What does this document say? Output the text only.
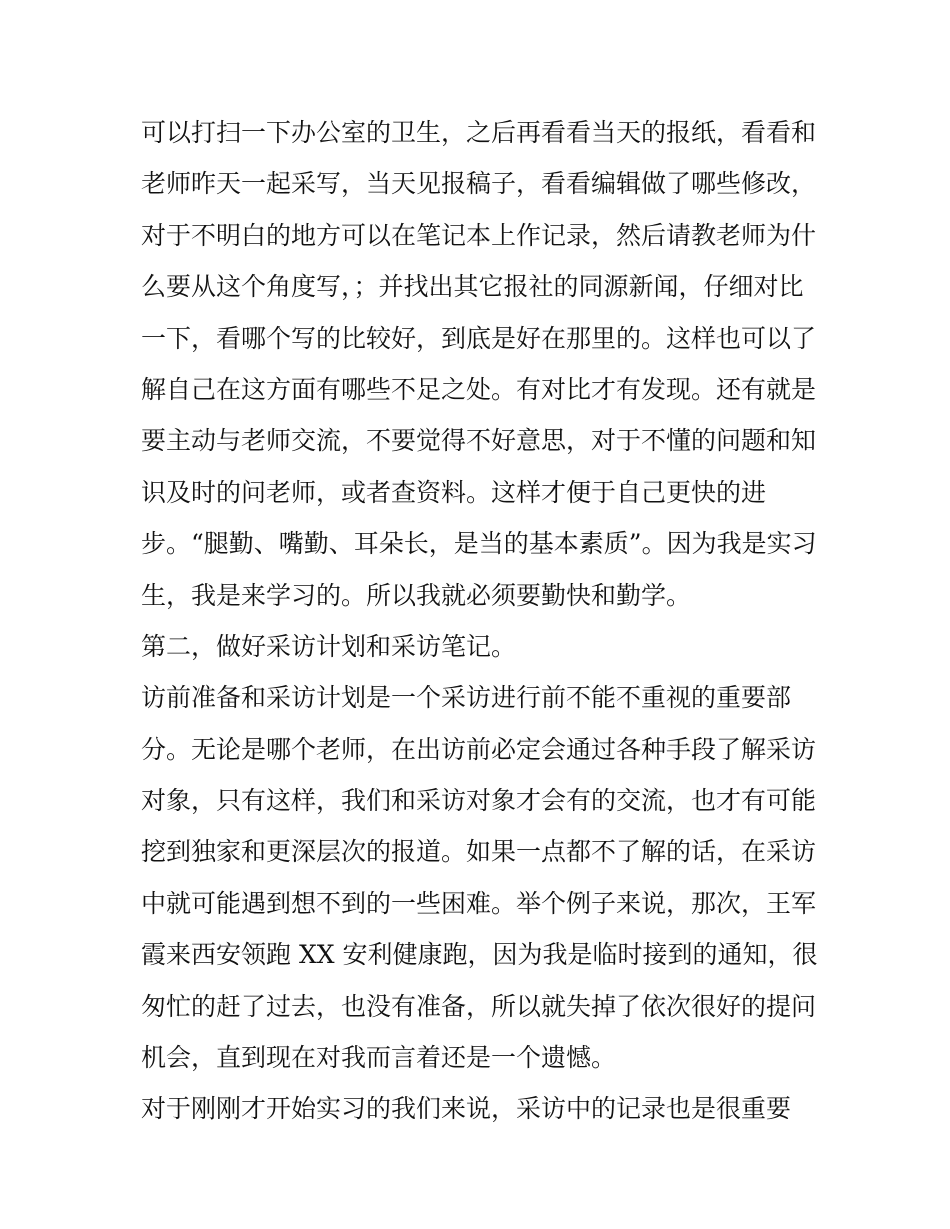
可以打扫一下办公室的卫生，之后再看看当天的报纸，看看和
老师昨天一起采写，当天见报稿子，看看编辑做了哪些修改，
对于不明白的地方可以在笔记本上作记录，然后请教老师为什
么要从这个角度写，；并找出其它报社的同源新闻，仔细对比
一下，看哪个写的比较好，到底是好在那里的。这样也可以了
解自己在这方面有哪些不足之处。有对比才有发现。还有就是
要主动与老师交流，不要觉得不好意思，对于不懂的问题和知
识及时的问老师，或者查资料。这样才便于自己更快的进
步。“腿勤、嘴勤、耳朵长，是当的基本素质”。因为我是实习
生，我是来学习的。所以我就必须要勤快和勤学。
第二，做好采访计划和采访笔记。
访前准备和采访计划是一个采访进行前不能不重视的重要部
分。无论是哪个老师，在出访前必定会通过各种手段了解采访
对象，只有这样，我们和采访对象才会有的交流，也才有可能
挖到独家和更深层次的报道。如果一点都不了解的话，在采访
中就可能遇到想不到的一些困难。举个例子来说，那次，王军
霞来西安领跑 XX 安利健康跑，因为我是临时接到的通知，很
匆忙的赶了过去，也没有准备，所以就失掉了依次很好的提问
机会，直到现在对我而言着还是一个遗憾。
对于刚刚才开始实习的我们来说，采访中的记录也是很重要
